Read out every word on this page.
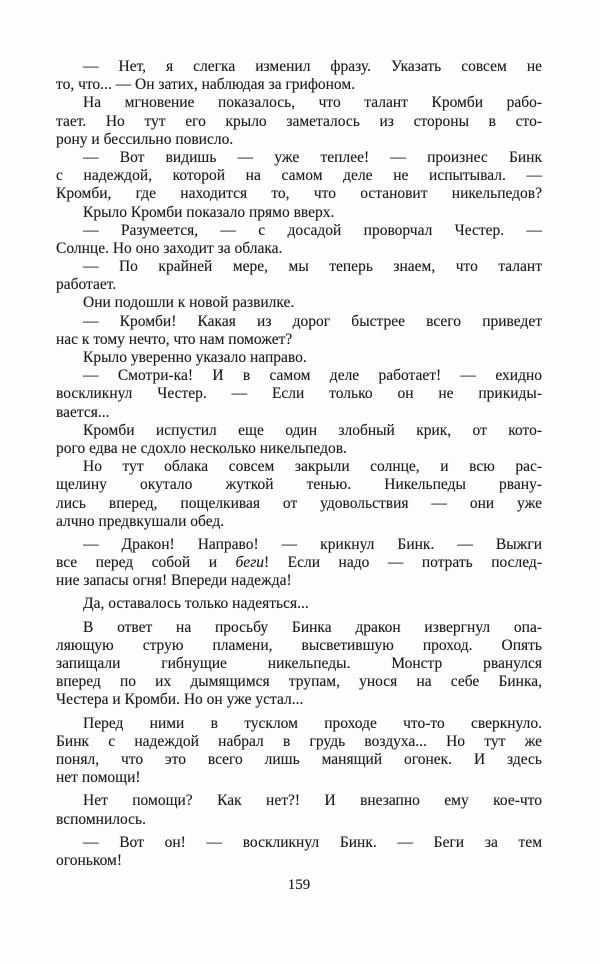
— Нет, я слегка изменил фразу. Указать совсем не
то, что... — Он затих, наблюдая за грифоном.
На мгновение показалось, что талант Кромби рабо-
тает. Но тут его крыло заметалось из стороны в сто-
рону и бессильно повисло.
— Вот видишь — уже теплее! — произнес Бинк
с надеждой, которой на самом деле не испытывал. —
Кромби, где находится то, что остановит никельпедов?
Крыло Кромби показало прямо вверх.
— Разумеется, — с досадой проворчал Честер. —
Солнце. Но оно заходит за облака.
— По крайней мере, мы теперь знаем, что талант
работает.
Они подошли к новой развилке.
— Кромби! Какая из дорог быстрее всего приведет
нас к тому нечто, что нам поможет?
Крыло уверенно указало направо.
— Смотри-ка! И в самом деле работает! — ехидно
воскликнул Честер. — Если только он не прикиды-
вается...
Кромби испустил еще один злобный крик, от кото-
рого едва не сдохло несколько никельпедов.
Но тут облака совсем закрыли солнце, и всю рас-
щелину окутало жуткой тенью. Никельпеды рвану-
лись вперед, пощелкивая от удовольствия — они уже
алчно предвкушали обед.
— Дракон! Направо! — крикнул Бинк. — Выжги
все перед собой и беги! Если надо — потрать послед-
ние запасы огня! Впереди надежда!
Да, оставалось только надеяться...
В ответ на просьбу Бинка дракон извергнул опа-
ляющую струю пламени, высветившую проход. Опять
запищали гибнущие никельпеды. Монстр рванулся
вперед по их дымящимся трупам, унося на себе Бинка,
Честера и Кромби. Но он уже устал...
Перед ними в тусклом проходе что-то сверкнуло.
Бинк с надеждой набрал в грудь воздуха... Но тут же
понял, что это всего лишь манящий огонек. И здесь
нет помощи!
Нет помощи? Как нет?! И внезапно ему кое-что
вспомнилось.
— Вот он! — воскликнул Бинк. — Беги за тем
огоньком!
159
